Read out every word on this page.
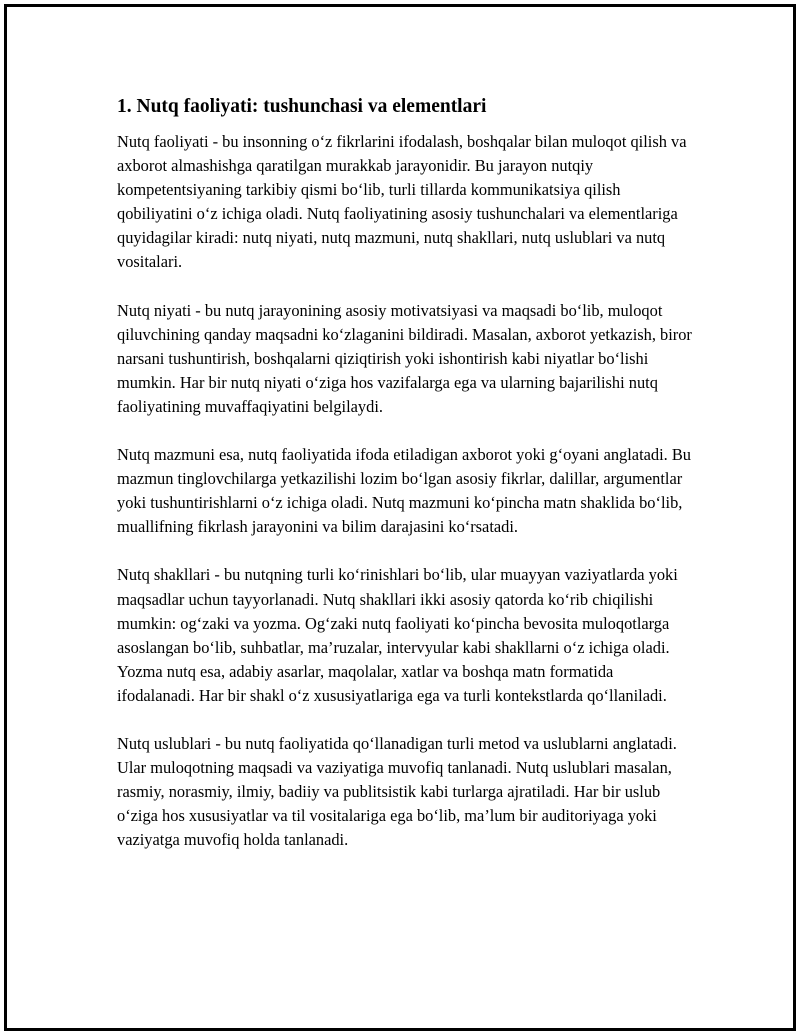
1. Nutq faoliyati: tushunchasi va elementlari

Nutq faoliyati - bu insonning o‘z fikrlarini ifodalash, boshqalar bilan muloqot qilish va axborot almashishga qaratilgan murakkab jarayonidir. Bu jarayon nutqiy kompetentsiyaning tarkibiy qismi bo‘lib, turli tillarda kommunikatsiya qilish qobiliyatini o‘z ichiga oladi. Nutq faoliyatining asosiy tushunchalari va elementlariga quyidagilar kiradi: nutq niyati, nutq mazmuni, nutq shakllari, nutq uslublari va nutq vositalari.

Nutq niyati - bu nutq jarayonining asosiy motivatsiyasi va maqsadi bo‘lib, muloqot qiluvchining qanday maqsadni ko‘zlaganini bildiradi. Masalan, axborot yetkazish, biror narsani tushuntirish, boshqalarni qiziqtirish yoki ishontirish kabi niyatlar bo‘lishi mumkin. Har bir nutq niyati o‘ziga hos vazifalarga ega va ularning bajarilishi nutq faoliyatining muvaffaqiyatini belgilaydi.

Nutq mazmuni esa, nutq faoliyatida ifoda etiladigan axborot yoki g‘oyani anglatadi. Bu mazmun tinglovchilarga yetkazilishi lozim bo‘lgan asosiy fikrlar, dalillar, argumentlar yoki tushuntirishlarni o‘z ichiga oladi. Nutq mazmuni ko‘pincha matn shaklida bo‘lib, muallifning fikrlash jarayonini va bilim darajasini ko‘rsatadi.

Nutq shakllari - bu nutqning turli ko‘rinishlari bo‘lib, ular muayyan vaziyatlarda yoki maqsadlar uchun tayyorlanadi. Nutq shakllari ikki asosiy qatorda ko‘rib chiqilishi mumkin: og‘zaki va yozma. Og‘zaki nutq faoliyati ko‘pincha bevosita muloqotlarga asoslangan bo‘lib, suhbatlar, ma’ruzalar, intervyular kabi shakllarni o‘z ichiga oladi. Yozma nutq esa, adabiy asarlar, maqolalar, xatlar va boshqa matn formatida ifodalanadi. Har bir shakl o‘z xususiyatlariga ega va turli kontekstlarda qo‘llaniladi.

Nutq uslublari - bu nutq faoliyatida qo‘llanadigan turli metod va uslublarni anglatadi. Ular muloqotning maqsadi va vaziyatiga muvofiq tanlanadi. Nutq uslublari masalan, rasmiy, norasmiy, ilmiy, badiiy va publitsistik kabi turlarga ajratiladi. Har bir uslub o‘ziga hos xususiyatlar va til vositalariga ega bo‘lib, ma’lum bir auditoriyaga yoki vaziyatga muvofiq holda tanlanadi.
